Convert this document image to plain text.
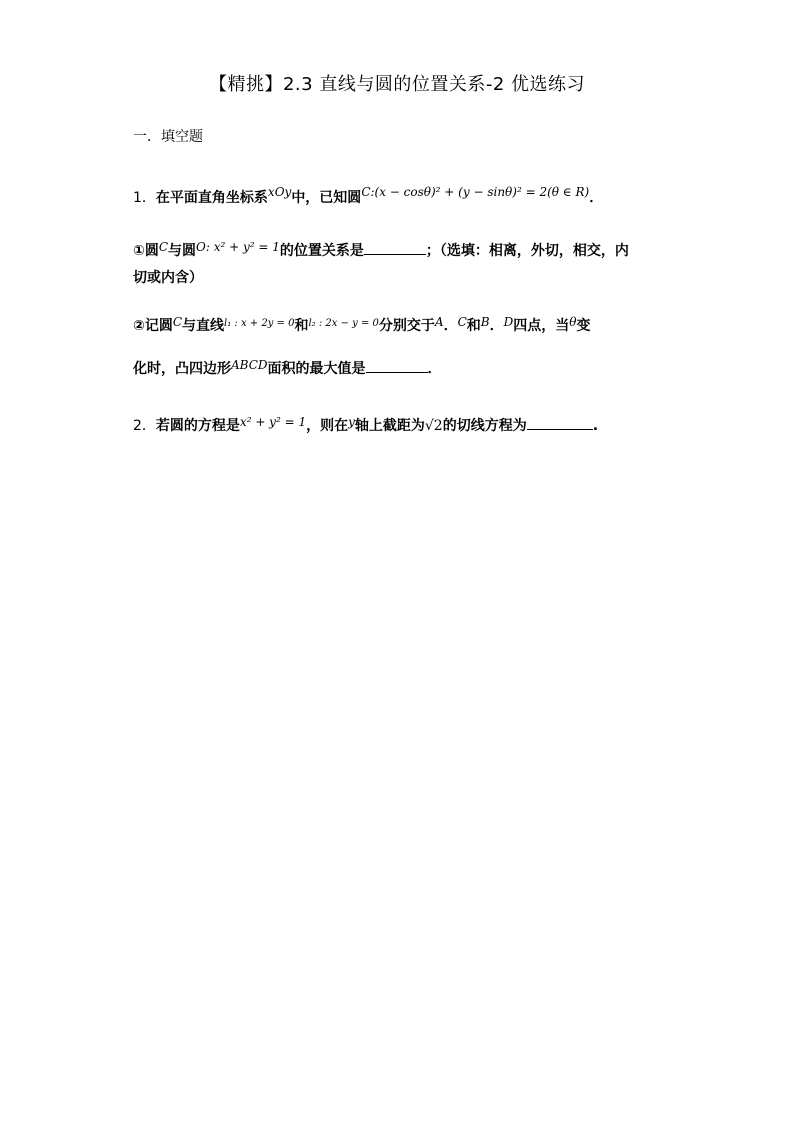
【精挑】2.3 直线与圆的位置关系-2 优选练习
一．填空题
1．在平面直角坐标系xOy中，已知圆C:(x − cosθ)² + (y − sinθ)² = 2(θ ∈ R)．
①圆C与圆O: x² + y² = 1的位置关系是	；（选填：相离，外切，相交，内
切或内含）
②记圆C与直线$^{l_1 : x + 2y = 0}$和$^{l_2 : 2x - y = 0}$分别交于A．C和B．D四点，当θ变
化时，凸四边形ABCD面积的最大值是	．
2．若圆的方程是x² + y² = 1，则在y轴上截距为√2的切线方程为	.
